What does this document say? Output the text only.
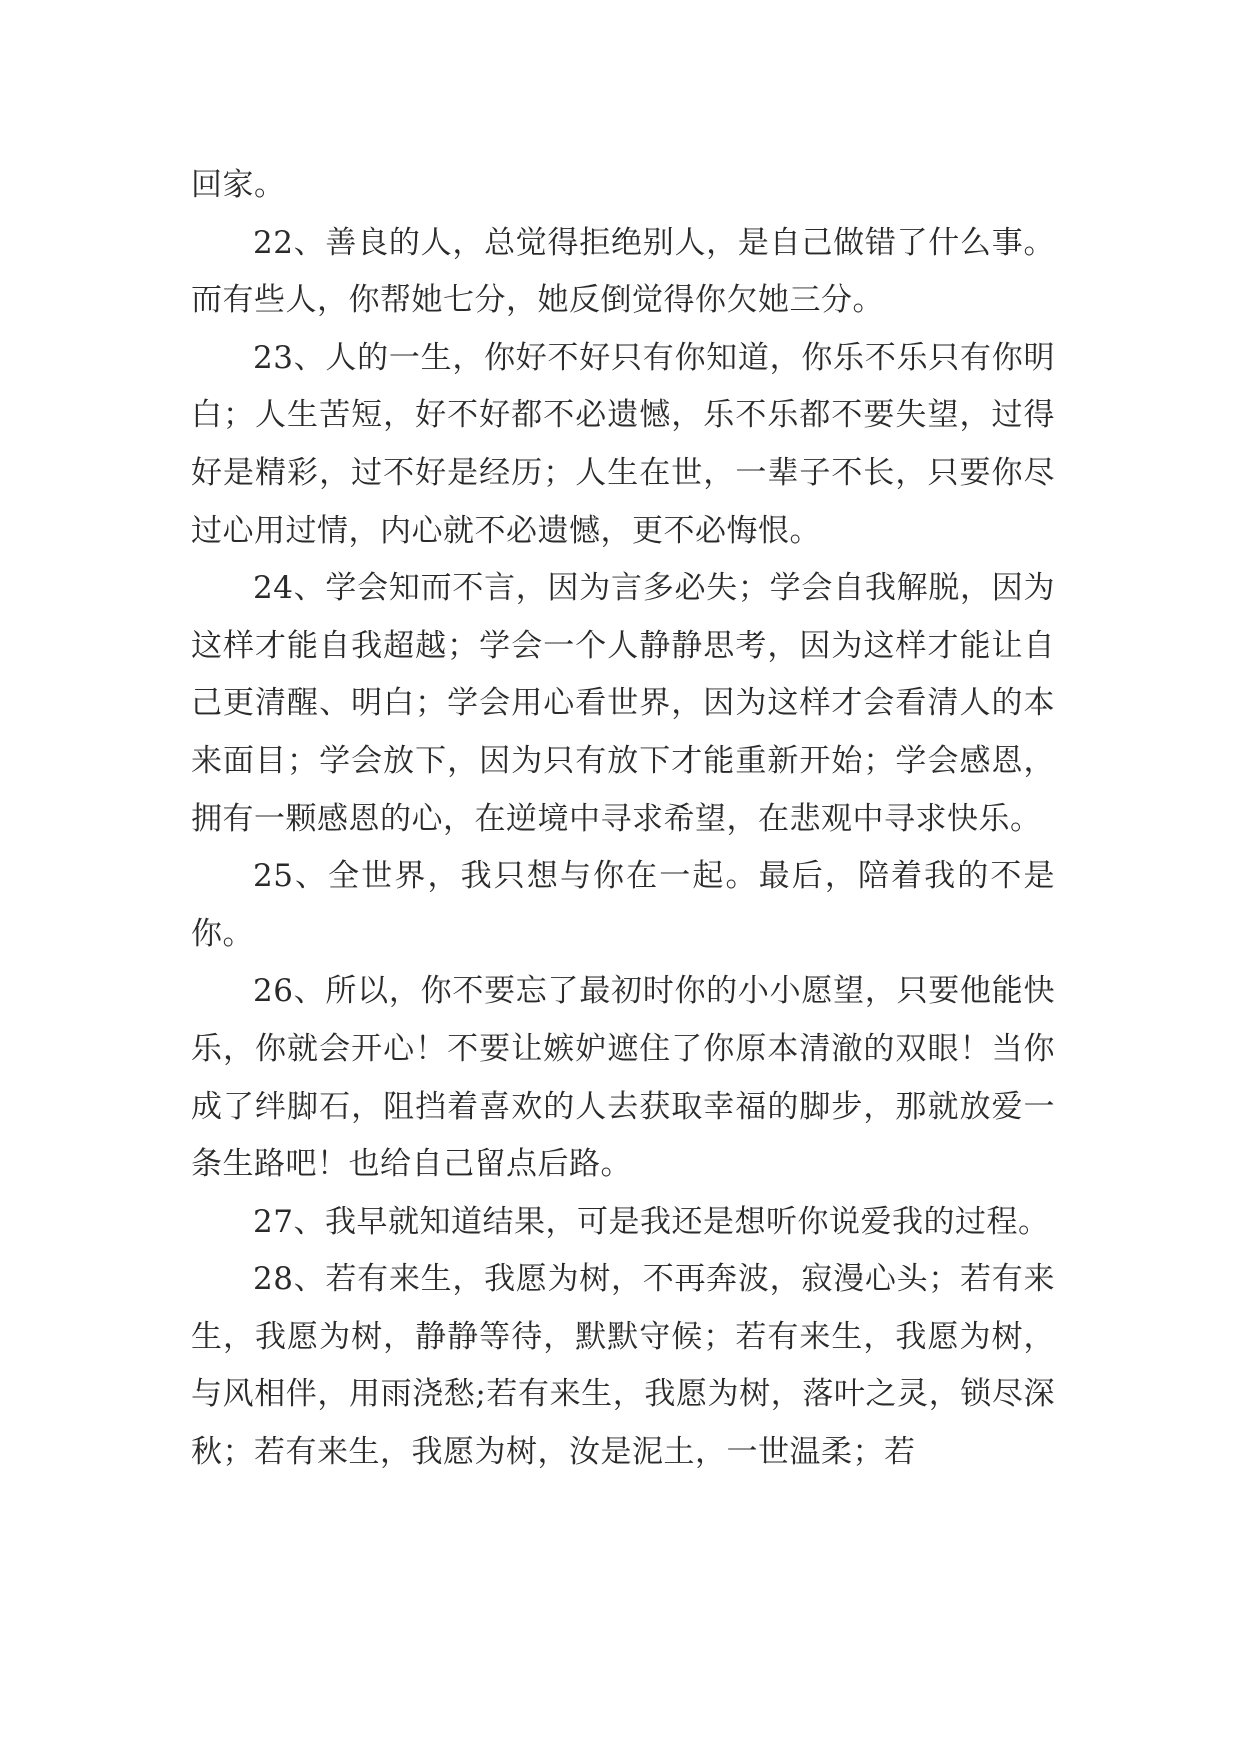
回家。

22、善良的人，总觉得拒绝别人，是自己做错了什么事。而有些人，你帮她七分，她反倒觉得你欠她三分。

23、人的一生，你好不好只有你知道，你乐不乐只有你明白；人生苦短，好不好都不必遗憾，乐不乐都不要失望，过得好是精彩，过不好是经历；人生在世，一辈子不长，只要你尽过心用过情，内心就不必遗憾，更不必悔恨。

24、学会知而不言，因为言多必失；学会自我解脱，因为这样才能自我超越；学会一个人静静思考，因为这样才能让自己更清醒、明白；学会用心看世界，因为这样才会看清人的本来面目；学会放下，因为只有放下才能重新开始；学会感恩，拥有一颗感恩的心，在逆境中寻求希望，在悲观中寻求快乐。

25、全世界，我只想与你在一起。最后，陪着我的不是你。

26、所以，你不要忘了最初时你的小小愿望，只要他能快乐，你就会开心！不要让嫉妒遮住了你原本清澈的双眼！当你成了绊脚石，阻挡着喜欢的人去获取幸福的脚步，那就放爱一条生路吧！也给自己留点后路。

27、我早就知道结果，可是我还是想听你说爱我的过程。

28、若有来生，我愿为树，不再奔波，寂漫心头；若有来生，我愿为树，静静等待，默默守候；若有来生，我愿为树，与风相伴，用雨浇愁;若有来生，我愿为树，落叶之灵，锁尽深秋；若有来生，我愿为树，汝是泥土，一世温柔；若
